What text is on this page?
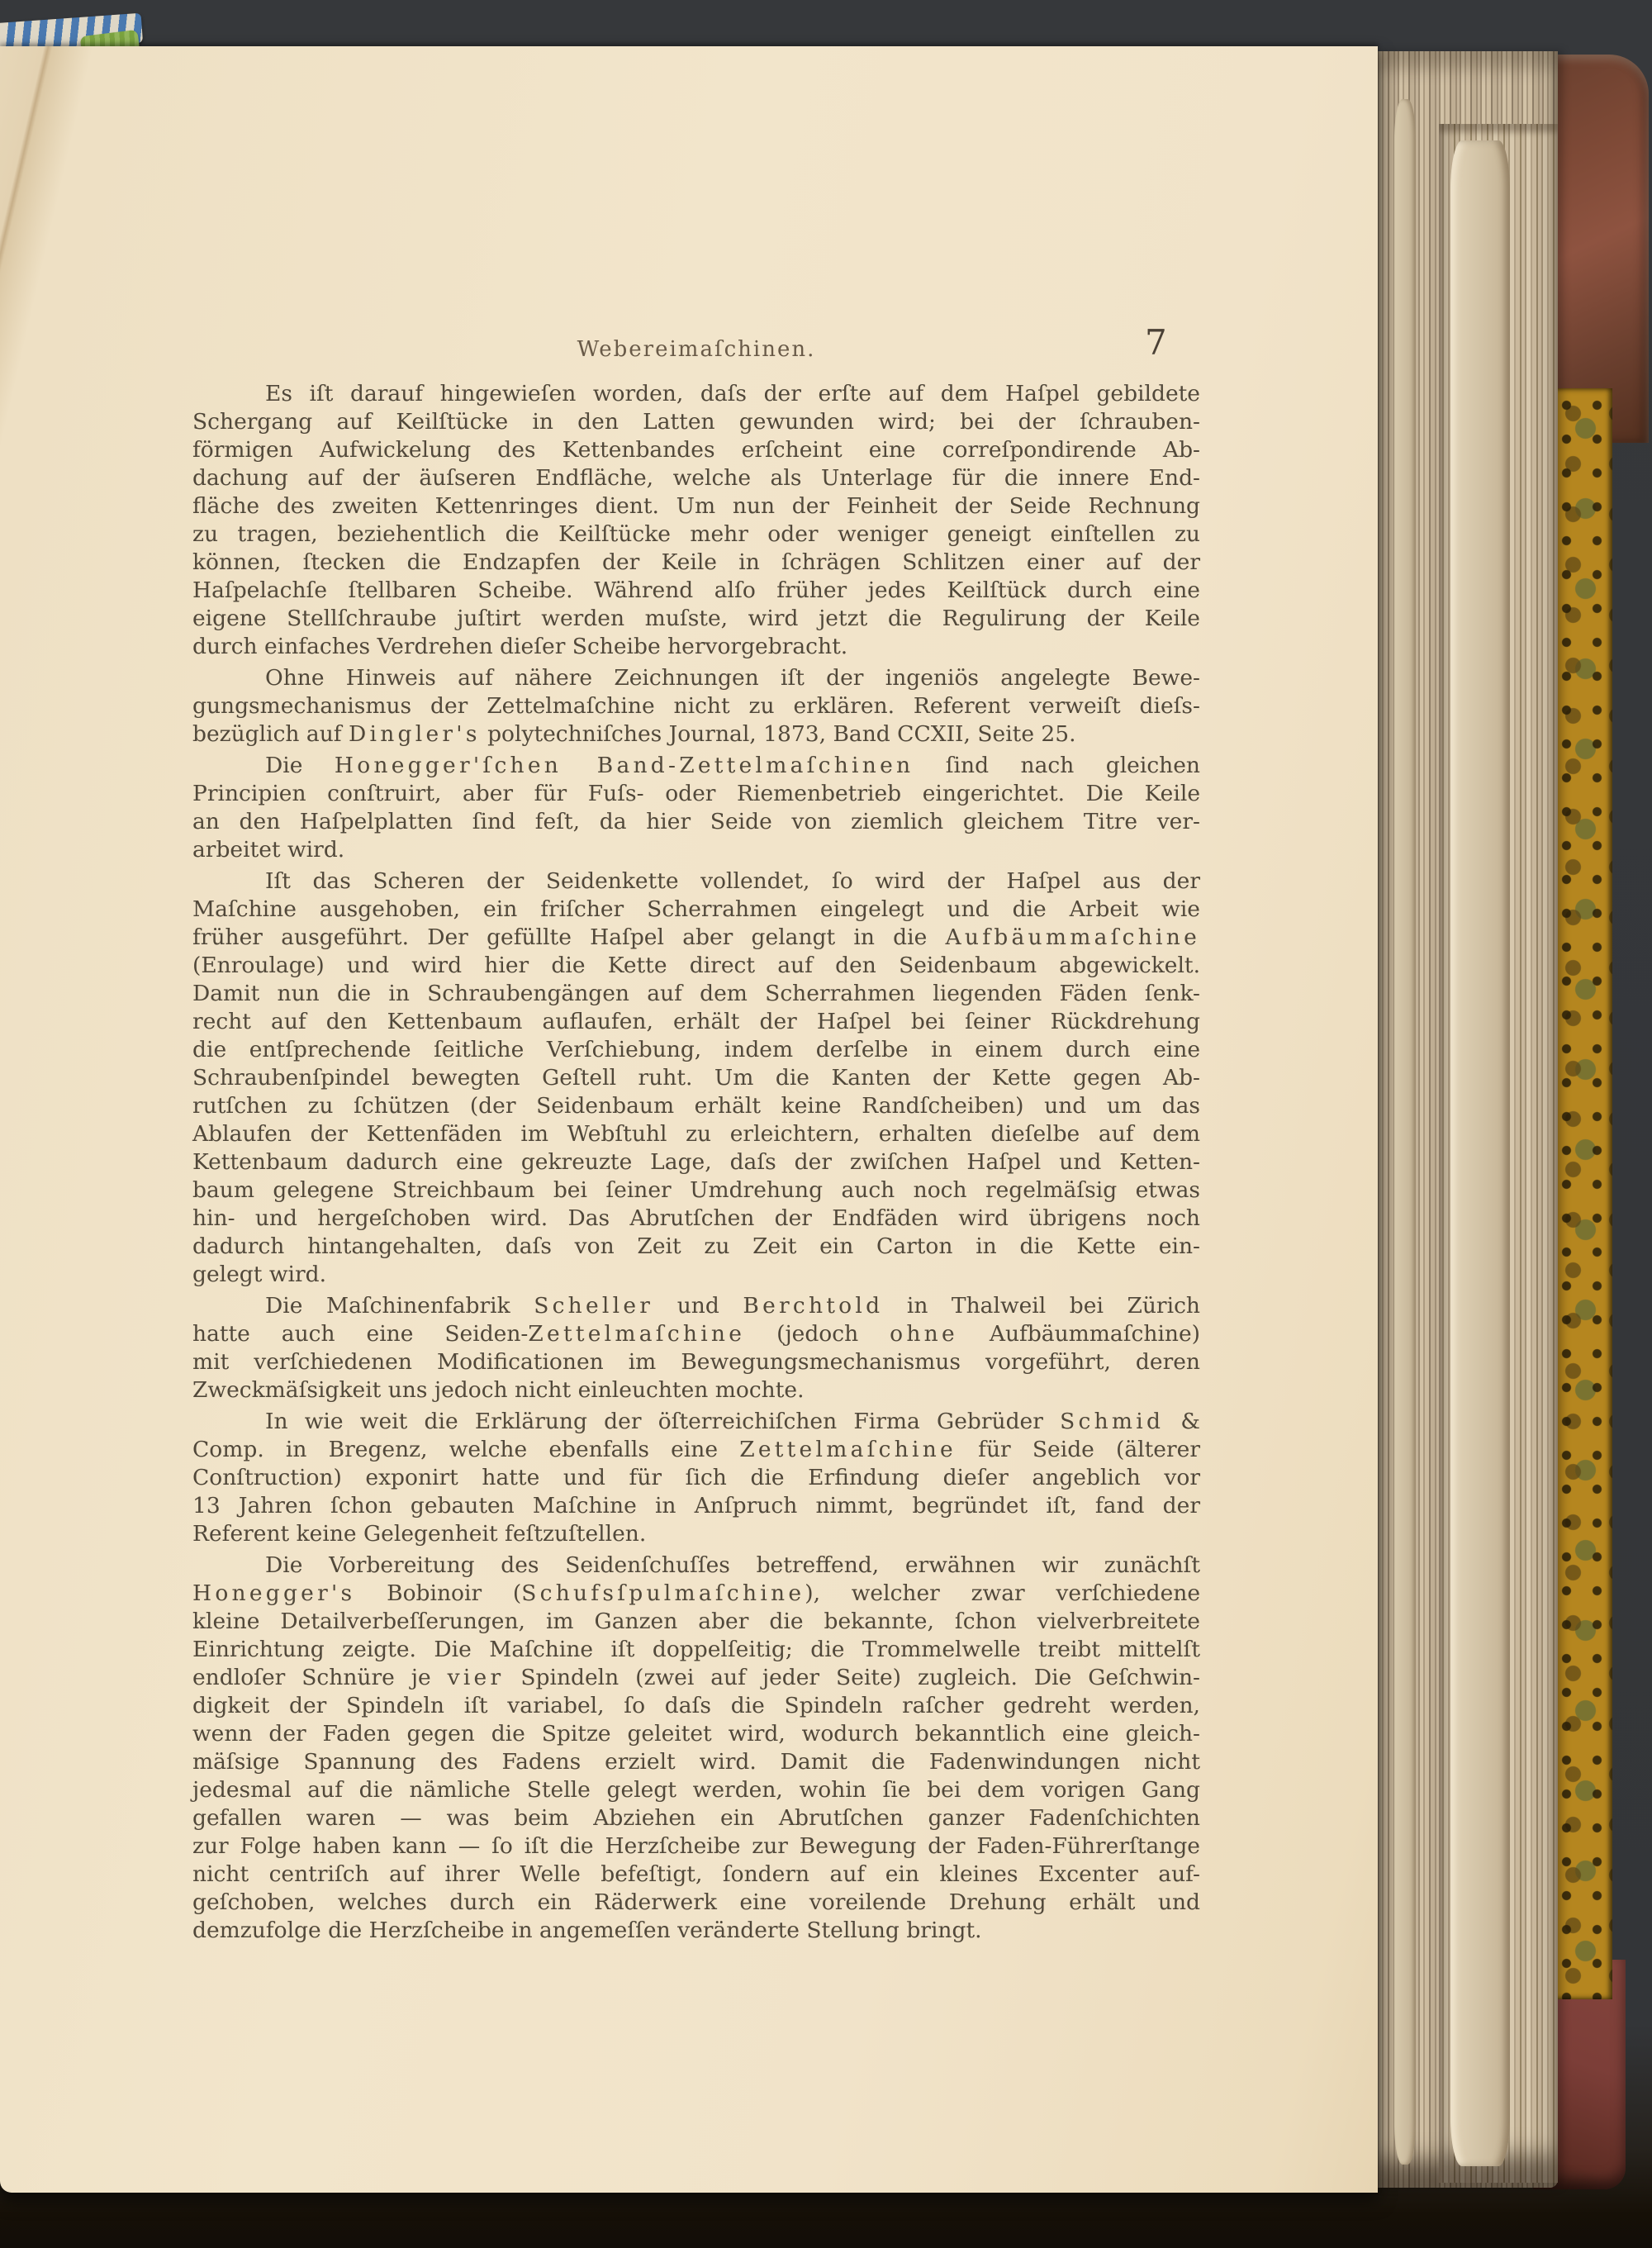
Webereimaſchinen.	7
Es iſt darauf hingewieſen worden, daſs der erſte auf dem Haſpel gebildete
Schergang auf Keilſtücke in den Latten gewunden wird; bei der ſchrauben-
förmigen Aufwickelung des Kettenbandes erſcheint eine correſpondirende Ab-
dachung auf der äuſseren Endfläche, welche als Unterlage für die innere End-
fläche des zweiten Kettenringes dient. Um nun der Feinheit der Seide Rechnung
zu tragen, beziehentlich die Keilſtücke mehr oder weniger geneigt einſtellen zu
können, ſtecken die Endzapfen der Keile in ſchrägen Schlitzen einer auf der
Haſpelachſe ſtellbaren Scheibe. Während alſo früher jedes Keilſtück durch eine
eigene Stellſchraube juſtirt werden muſste, wird jetzt die Regulirung der Keile
durch einfaches Verdrehen dieſer Scheibe hervorgebracht.
Ohne Hinweis auf nähere Zeichnungen iſt der ingeniös angelegte Bewe-
gungsmechanismus der Zettelmaſchine nicht zu erklären. Referent verweiſt dieſs-
bezüglich auf Dingler's polytechniſches Journal, 1873, Band CCXII, Seite 25.
Die Honegger'ſchen Band-Zettelmaſchinen ſind nach gleichen
Principien conſtruirt, aber für Fuſs- oder Riemenbetrieb eingerichtet. Die Keile
an den Haſpelplatten ſind feſt, da hier Seide von ziemlich gleichem Titre ver-
arbeitet wird.
Iſt das Scheren der Seidenkette vollendet, ſo wird der Haſpel aus der
Maſchine ausgehoben, ein friſcher Scherrahmen eingelegt und die Arbeit wie
früher ausgeführt. Der gefüllte Haſpel aber gelangt in die Aufbäummaſchine
(Enroulage) und wird hier die Kette direct auf den Seidenbaum abgewickelt.
Damit nun die in Schraubengängen auf dem Scherrahmen liegenden Fäden ſenk-
recht auf den Kettenbaum auflaufen, erhält der Haſpel bei ſeiner Rückdrehung
die entſprechende ſeitliche Verſchiebung, indem derſelbe in einem durch eine
Schraubenſpindel bewegten Geſtell ruht. Um die Kanten der Kette gegen Ab-
rutſchen zu ſchützen (der Seidenbaum erhält keine Randſcheiben) und um das
Ablaufen der Kettenfäden im Webſtuhl zu erleichtern, erhalten dieſelbe auf dem
Kettenbaum dadurch eine gekreuzte Lage, daſs der zwiſchen Haſpel und Ketten-
baum gelegene Streichbaum bei ſeiner Umdrehung auch noch regelmäſsig etwas
hin- und hergeſchoben wird. Das Abrutſchen der Endfäden wird übrigens noch
dadurch hintangehalten, daſs von Zeit zu Zeit ein Carton in die Kette ein-
gelegt wird.
Die Maſchinenfabrik Scheller und Berchtold in Thalweil bei Zürich
hatte auch eine Seiden-Zettelmaſchine (jedoch ohne Aufbäummaſchine)
mit verſchiedenen Modificationen im Bewegungsmechanismus vorgeführt, deren
Zweckmäſsigkeit uns jedoch nicht einleuchten mochte.
In wie weit die Erklärung der öſterreichiſchen Firma Gebrüder Schmid &
Comp. in Bregenz, welche ebenfalls eine Zettelmaſchine für Seide (älterer
Conſtruction) exponirt hatte und für ſich die Erfindung dieſer angeblich vor
13 Jahren ſchon gebauten Maſchine in Anſpruch nimmt, begründet iſt, fand der
Referent keine Gelegenheit feſtzuſtellen.
Die Vorbereitung des Seidenſchuſſes betreffend, erwähnen wir zunächſt
Honegger's Bobinoir (Schufsſpulmaſchine), welcher zwar verſchiedene
kleine Detailverbeſſerungen, im Ganzen aber die bekannte, ſchon vielverbreitete
Einrichtung zeigte. Die Maſchine iſt doppelſeitig; die Trommelwelle treibt mittelſt
endloſer Schnüre je vier Spindeln (zwei auf jeder Seite) zugleich. Die Geſchwin-
digkeit der Spindeln iſt variabel, ſo daſs die Spindeln raſcher gedreht werden,
wenn der Faden gegen die Spitze geleitet wird, wodurch bekanntlich eine gleich-
mäſsige Spannung des Fadens erzielt wird. Damit die Fadenwindungen nicht
jedesmal auf die nämliche Stelle gelegt werden, wohin ſie bei dem vorigen Gang
gefallen waren — was beim Abziehen ein Abrutſchen ganzer Fadenſchichten
zur Folge haben kann — ſo iſt die Herzſcheibe zur Bewegung der Faden-Führerſtange
nicht centriſch auf ihrer Welle befeſtigt, ſondern auf ein kleines Excenter auf-
geſchoben, welches durch ein Räderwerk eine voreilende Drehung erhält und
demzufolge die Herzſcheibe in angemeſſen veränderte Stellung bringt.
